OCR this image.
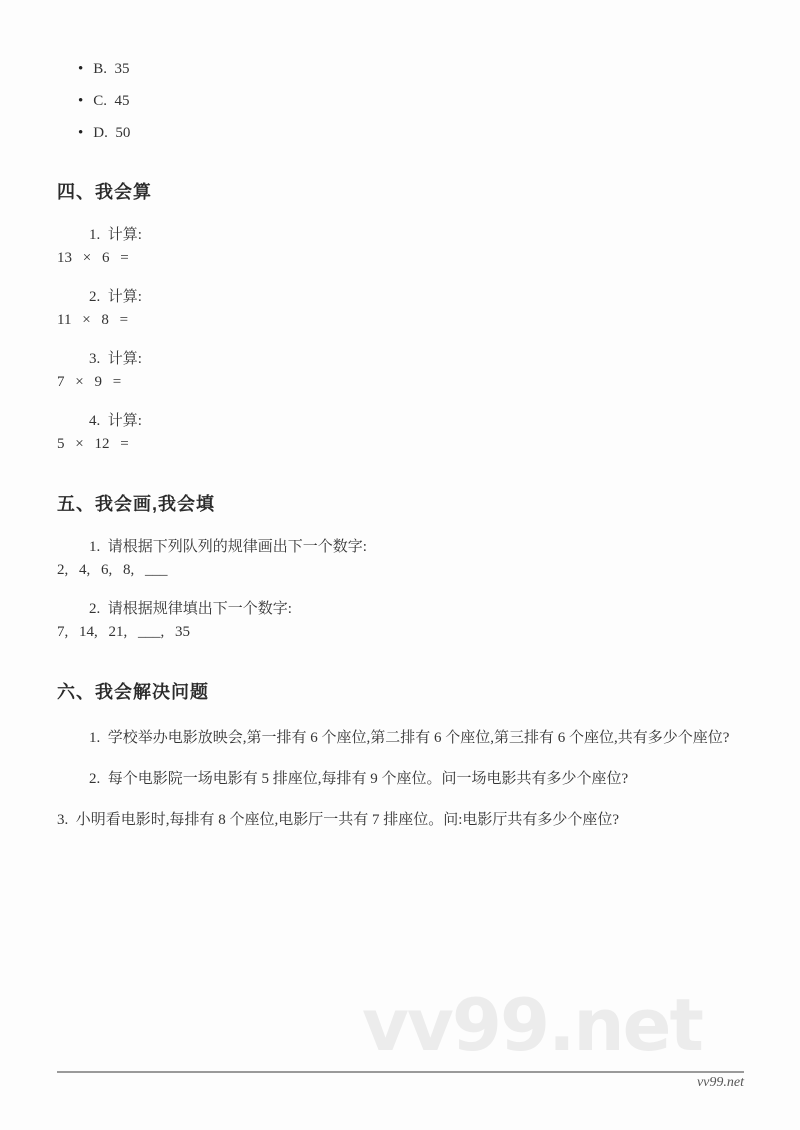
vv99.net
• B.  35
• C.  45
• D.  50
四、我会算

1.  计算:

13 × 6 =

2.  计算:

11 × 8 =

3.  计算:

7 × 9 =

4.  计算:

5 × 12 =

五、我会画,我会填

1.  请根据下列队列的规律画出下一个数字:

2, 4, 6, 8, ___

2.  请根据规律填出下一个数字:

7, 14, 21, ___, 35

六、我会解决问题

1.  学校举办电影放映会,第一排有 6 个座位,第二排有 6 个座位,第三排有 6 个座位,共有多少个座位?

2.  每个电影院一场电影有 5 排座位,每排有 9 个座位。问一场电影共有多少个座位?

3.  小明看电影时,每排有 8 个座位,电影厅一共有 7 排座位。问:电影厅共有多少个座位?

vv99.net
